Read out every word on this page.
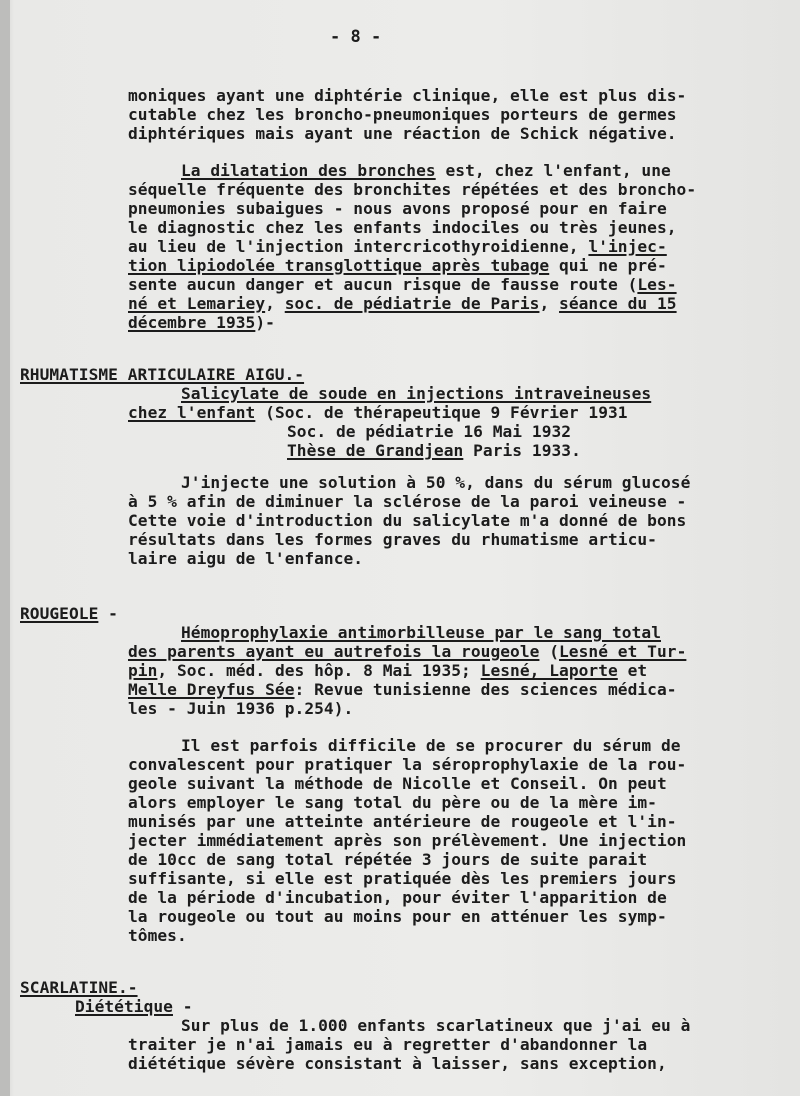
- 8 -
moniques ayant une diphtérie clinique, elle est plus dis-
cutable chez les broncho-pneumoniques porteurs de germes
diphtériques mais ayant une réaction de Schick négative.
La dilatation des bronches est, chez l'enfant, une
séquelle fréquente des bronchites répétées et des broncho-
pneumonies subaigues - nous avons proposé pour en faire
le diagnostic chez les enfants indociles ou très jeunes,
au lieu de l'injection intercricothyroidienne, l'injec-
tion lipiodolée transglottique après tubage qui ne pré-
sente aucun danger et aucun risque de fausse route (Les-
né et Lemariey, soc. de pédiatrie de Paris, séance du 15
décembre 1935)-
RHUMATISME ARTICULAIRE AIGU.-
Salicylate de soude en injections intraveineuses
chez l'enfant (Soc. de thérapeutique 9 Février 1931
Soc. de pédiatrie 16 Mai 1932
Thèse de Grandjean Paris 1933.
J'injecte une solution à 50 %, dans du sérum glucosé
à 5 % afin de diminuer la sclérose de la paroi veineuse -
Cette voie d'introduction du salicylate m'a donné de bons
résultats dans les formes graves du rhumatisme articu-
laire aigu de l'enfance.
ROUGEOLE -
Hémoprophylaxie antimorbilleuse par le sang total
des parents ayant eu autrefois la rougeole (Lesné et Tur-
pin, Soc. méd. des hôp. 8 Mai 1935; Lesné, Laporte et
Melle Dreyfus Sée: Revue tunisienne des sciences médica-
les - Juin 1936 p.254).
Il est parfois difficile de se procurer du sérum de
convalescent pour pratiquer la séroprophylaxie de la rou-
geole suivant la méthode de Nicolle et Conseil. On peut
alors employer le sang total du père ou de la mère im-
munisés par une atteinte antérieure de rougeole et l'in-
jecter immédiatement après son prélèvement. Une injection
de 10cc de sang total répétée 3 jours de suite parait
suffisante, si elle est pratiquée dès les premiers jours
de la période d'incubation, pour éviter l'apparition de
la rougeole ou tout au moins pour en atténuer les symp-
tômes.
SCARLATINE.-
Diététique -
Sur plus de 1.000 enfants scarlatineux que j'ai eu à
traiter je n'ai jamais eu à regretter d'abandonner la
diététique sévère consistant à laisser, sans exception,
